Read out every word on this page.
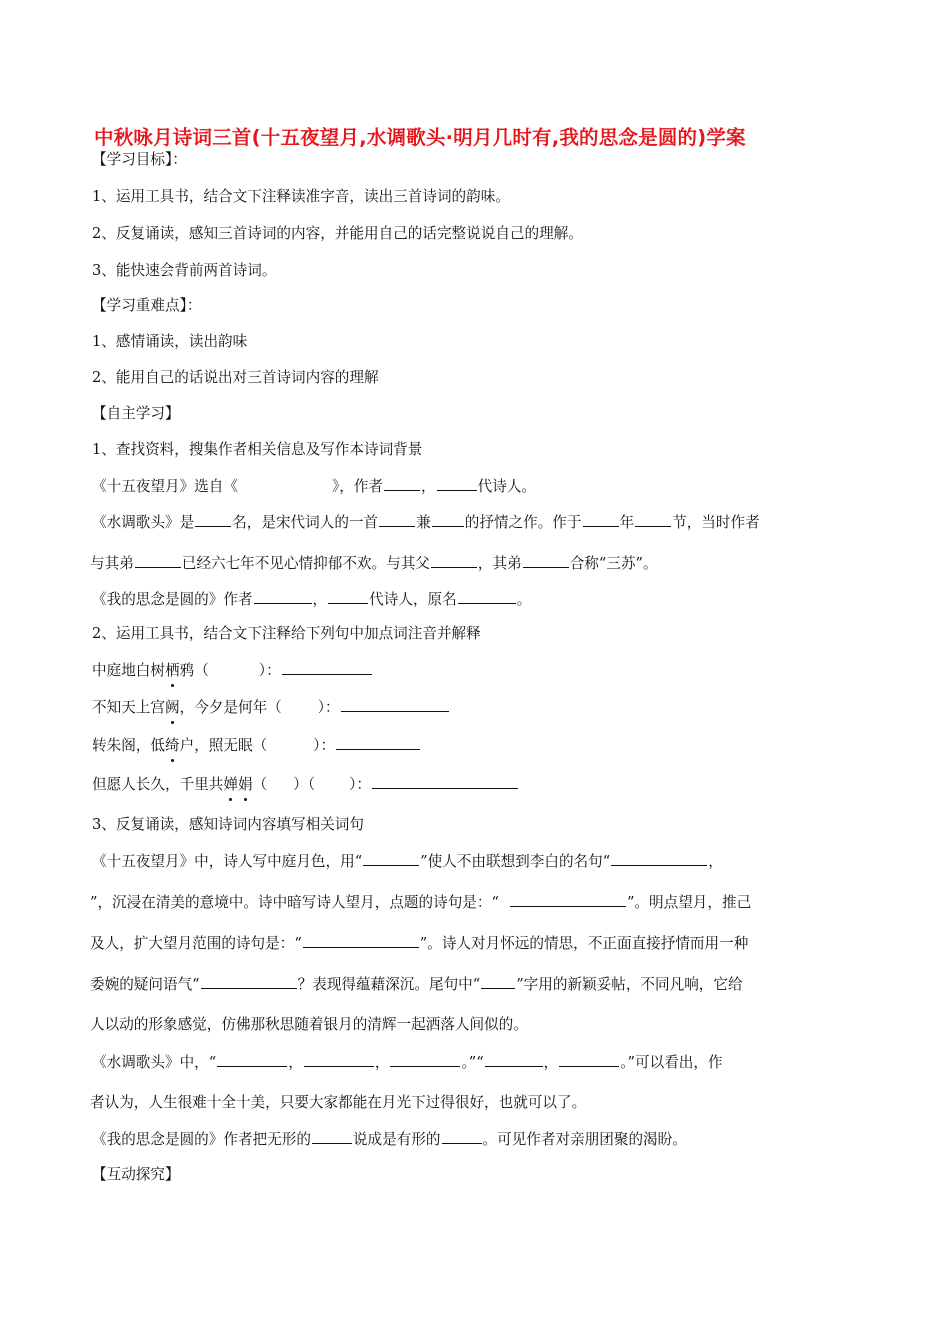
中秋咏月诗词三首(十五夜望月,水调歌头·明月几时有,我的思念是圆的)学案
【学习目标】：
1、运用工具书，结合文下注释读准字音，读出三首诗词的韵味。
2、反复诵读，感知三首诗词的内容，并能用自己的话完整说说自己的理解。
3、能快速会背前两首诗词。
【学习重难点】：
1、感情诵读，读出韵味
2、能用自己的话说出对三首诗词内容的理解
【自主学习】
1、查找资料，搜集作者相关信息及写作本诗词背景
《十五夜望月》选自《	》，作者	，	代诗人。
《水调歌头》是	名，是宋代词人的一首	兼 的抒情之作。作于	年	节，当时作者
与其弟	已经六七年不见心情抑郁不欢。与其父	，其弟	合称“三苏”。
《我的思念是圆的》作者	，	代诗人，原名	。
2、运用工具书，结合文下注释给下列句中加点词注音并解释
中庭地白树栖鸦（	）：
不知天上宫阙，今夕是何年（ ）：
转朱阁，低绮户，照无眠（	）：
但愿人长久，千里共婵娟（ ）（ ）：
3、反复诵读，感知诗词内容填写相关词句
《十五夜望月》中，诗人写中庭月色，用“	”使人不由联想到李白的名句“	，
”，沉浸在清美的意境中。诗中暗写诗人望月，点题的诗句是：“	”。明点望月，推己
及人，扩大望月范围的诗句是：“	”。诗人对月怀远的情思，不正面直接抒情而用一种
委婉的疑问语气“	？表现得蕴藉深沉。尾句中“ ”字用的新颖妥帖，不同凡响，它给
人以动的形象感觉，仿佛那秋思随着银月的清辉一起洒落人间似的。
《水调歌头》中，“	，	，	。”“	，	。”可以看出，作
者认为，人生很难十全十美，只要大家都能在月光下过得很好，也就可以了。
《我的思念是圆的》作者把无形的	说成是有形的	。可见作者对亲朋团聚的渴盼。
【互动探究】
